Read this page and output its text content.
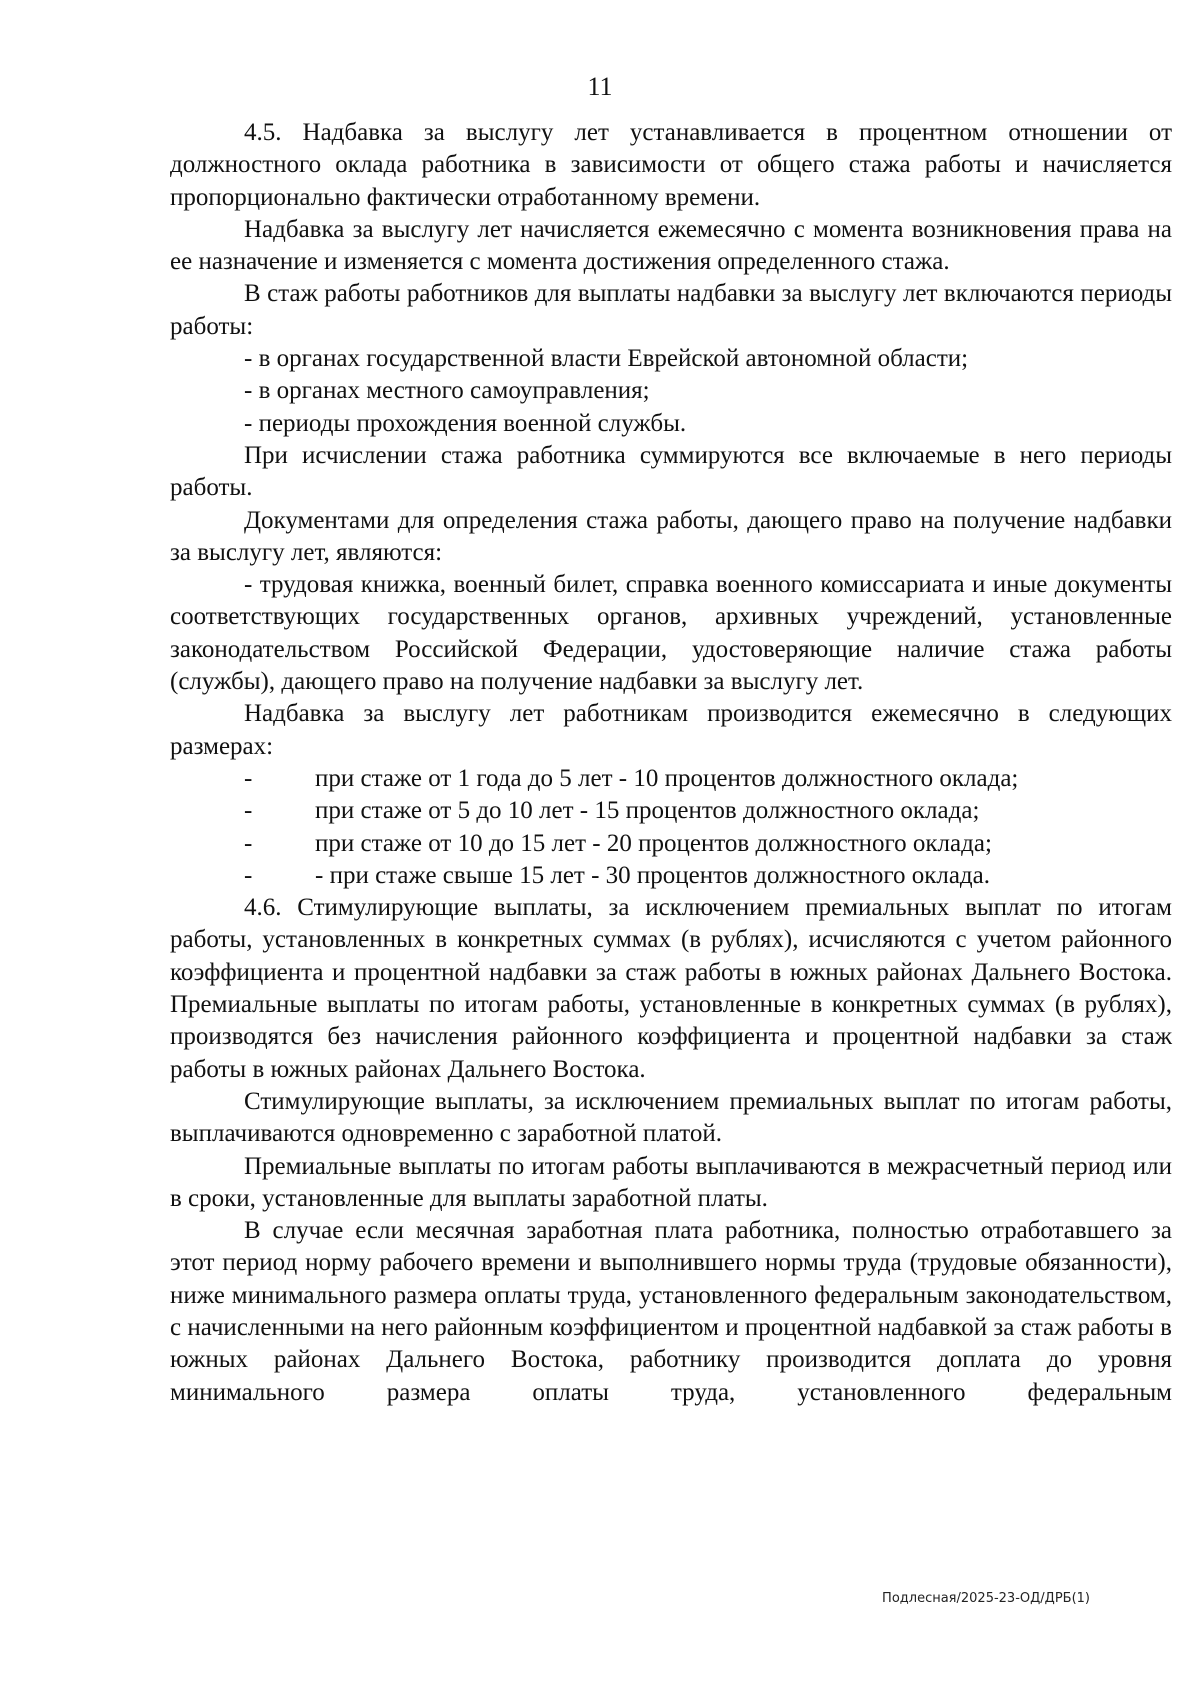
11

4.5. Надбавка за выслугу лет устанавливается в процентном отношении от должностного оклада работника в зависимости от общего стажа работы и начисляется пропорционально фактически отработанному времени.

Надбавка за выслугу лет начисляется ежемесячно с момента возникновения права на ее назначение и изменяется с момента достижения определенного стажа.

В стаж работы работников для выплаты надбавки за выслугу лет включаются периоды работы:

- в органах государственной власти Еврейской автономной области;

- в органах местного самоуправления;

- периоды прохождения военной службы.

При исчислении стажа работника суммируются все включаемые в него периоды работы.

Документами для определения стажа работы, дающего право на получение надбавки за выслугу лет, являются:

- трудовая книжка, военный билет, справка военного комиссариата и иные документы соответствующих государственных органов, архивных учреждений, установленные законодательством Российской Федерации, удостоверяющие наличие стажа работы (службы), дающего право на получение надбавки за выслугу лет.

Надбавка за выслугу лет работникам производится ежемесячно в следующих размерах:

-	при стаже от 1 года до 5 лет - 10 процентов должностного оклада;

-	при стаже от 5 до 10 лет - 15 процентов должностного оклада;

-	при стаже от 10 до 15 лет - 20 процентов должностного оклада;

-	- при стаже свыше 15 лет - 30 процентов должностного оклада.

4.6. Стимулирующие выплаты, за исключением премиальных выплат по итогам работы, установленных в конкретных суммах (в рублях), исчисляются с учетом районного коэффициента и процентной надбавки за стаж работы в южных районах Дальнего Востока. Премиальные выплаты по итогам работы, установленные в конкретных суммах (в рублях), производятся без начисления районного коэффициента и процентной надбавки за стаж работы в южных районах Дальнего Востока.

Стимулирующие выплаты, за исключением премиальных выплат по итогам работы, выплачиваются одновременно с заработной платой.

Премиальные выплаты по итогам работы выплачиваются в межрасчетный период или в сроки, установленные для выплаты заработной платы.

В случае если месячная заработная плата работника, полностью отработавшего за этот период норму рабочего времени и выполнившего нормы труда (трудовые обязанности), ниже минимального размера оплаты труда, установленного федеральным законодательством, с начисленными на него районным коэффициентом и процентной надбавкой за стаж работы в южных районах Дальнего Востока, работнику производится доплата до уровня минимального размера оплаты труда, установленного федеральным

Подлесная/2025-23-ОД/ДРБ(1)
